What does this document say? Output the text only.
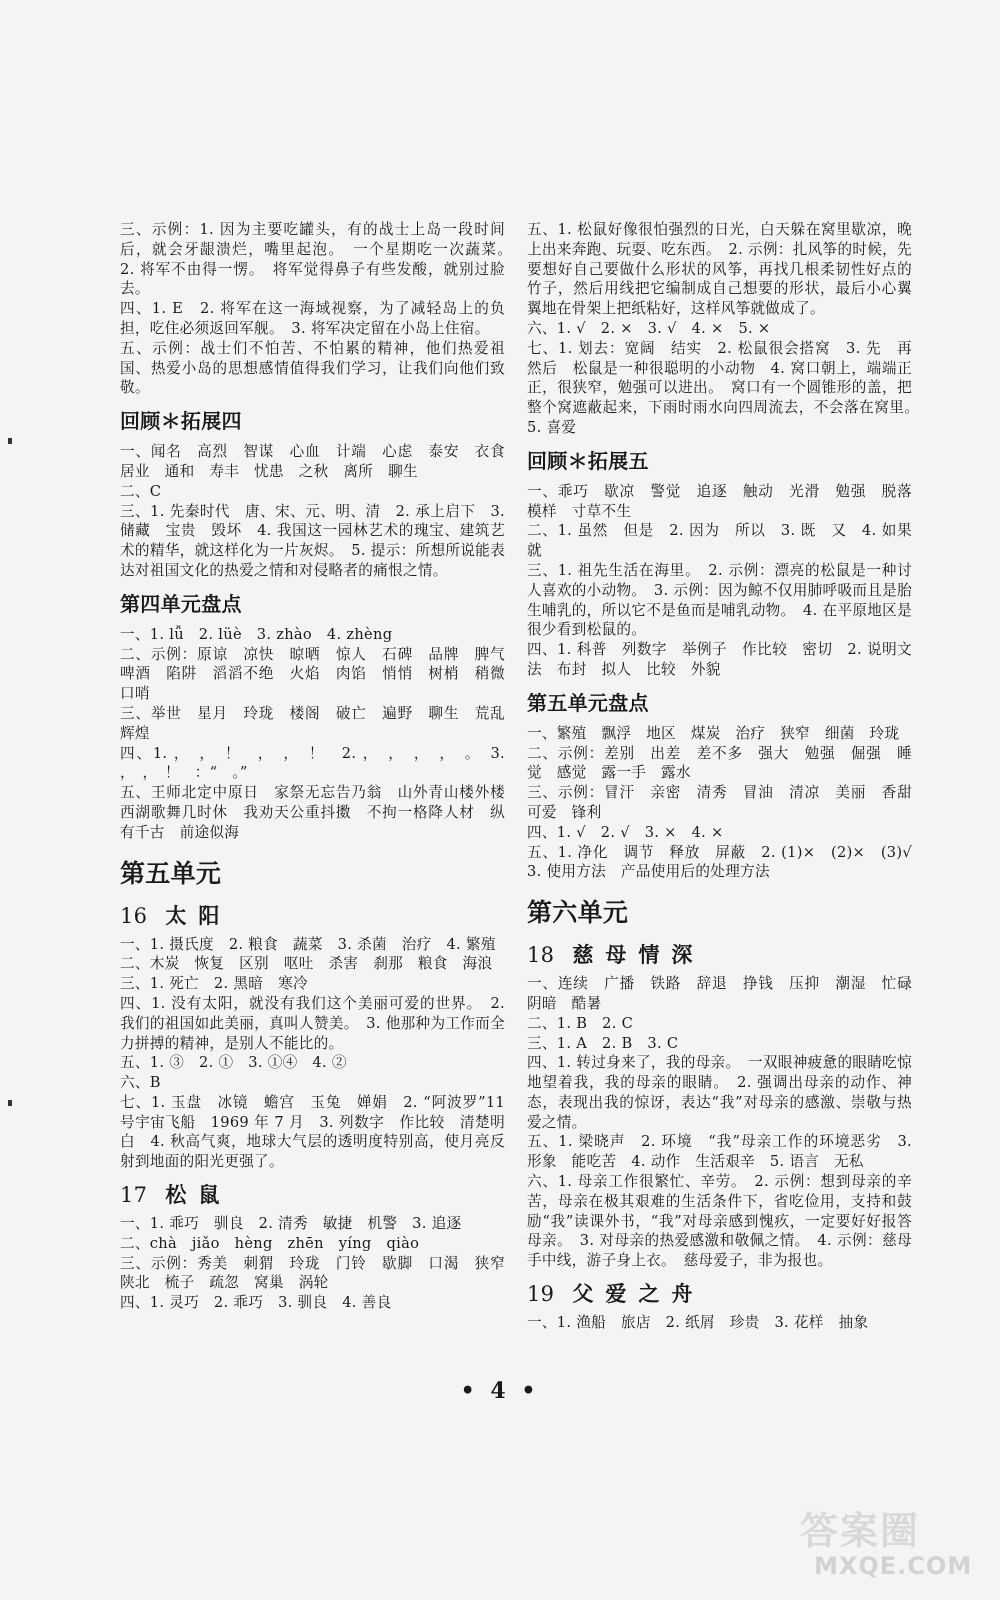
三、示例：1. 因为主要吃罐头，有的战士上岛一段时间后，就会牙龈溃烂，嘴里起泡。　一个星期吃一次蔬菜。　2. 将军不由得一愣。　将军觉得鼻子有些发酸，就别过脸去。

四、1. E　2. 将军在这一海域视察，为了减轻岛上的负担，吃住必须返回军舰。　3. 将军决定留在小岛上住宿。

五、示例：战士们不怕苦、不怕累的精神，他们热爱祖国、热爱小岛的思想感情值得我们学习，让我们向他们致敬。

回顾＊拓展四

一、闻名　高烈　智谋　心血　计端　心虑　泰安　衣食　居业　通和　寿丰　忧患　之秋　离所　聊生

二、C

三、1. 先秦时代　唐、宋、元、明、清　2. 承上启下　3. 储藏　宝贵　毁坏　4. 我国这一园林艺术的瑰宝、建筑艺术的精华，就这样化为一片灰烬。　5. 提示：所想所说能表达对祖国文化的热爱之情和对侵略者的痛恨之情。

第四单元盘点

一、1. lǚ　2. lüè　3. zhào　4. zhèng

二、示例：原谅　凉快　晾晒　惊人　石碑　品牌　脾气　啤酒　陷阱　滔滔不绝　火焰　肉馅　悄悄　树梢　稍微　口哨

三、举世　星月　玲珑　楼阁　破亡　遍野　聊生　荒乱　辉煌

四、1. ，　，　！　，　，　！　2. ，　，　，　，　。　3. ，　，　！　：“　。”

五、王师北定中原日　家祭无忘告乃翁　山外青山楼外楼　西湖歌舞几时休　我劝天公重抖擞　不拘一格降人材　纵有千古　前途似海

第五单元

16 太阳

一、1. 摄氏度　2. 粮食　蔬菜　3. 杀菌　治疗　4. 繁殖

二、木炭　恢复　区别　呕吐　杀害　刹那　粮食　海浪

三、1. 死亡　2. 黑暗　寒冷

四、1. 没有太阳，就没有我们这个美丽可爱的世界。　2. 我们的祖国如此美丽，真叫人赞美。　3. 他那种为工作而全力拼搏的精神，是别人不能比的。

五、1. ③　2. ①　3. ①④　4. ②

六、B

七、1. 玉盘　冰镜　蟾宫　玉兔　婵娟　2. “阿波罗”11 号宇宙飞船　1969 年 7 月　3. 列数字　作比较　清楚明白　4. 秋高气爽，地球大气层的透明度特别高，使月亮反射到地面的阳光更强了。

17 松鼠

一、1. 乖巧　驯良　2. 清秀　敏捷　机警　3. 追逐

二、chà　jiǎo　hèng　zhēn　yíng　qiào

三、示例：秀美　刺猬　玲珑　门铃　歇脚　口渴　狭窄　陕北　梳子　疏忽　窝巢　涡轮

四、1. 灵巧　2. 乖巧　3. 驯良　4. 善良

五、1. 松鼠好像很怕强烈的日光，白天躲在窝里歇凉，晚上出来奔跑、玩耍、吃东西。　2. 示例：扎风筝的时候，先要想好自己要做什么形状的风筝，再找几根柔韧性好点的竹子，然后用线把它编制成自己想要的形状，最后小心翼翼地在骨架上把纸粘好，这样风筝就做成了。

六、1. √　2. ×　3. √　4. ×　5. ×

七、1. 划去：宽阔　结实　2. 松鼠很会搭窝　3. 先　再　然后　松鼠是一种很聪明的小动物　4. 窝口朝上，端端正正，很狭窄，勉强可以进出。　窝口有一个圆锥形的盖，把整个窝遮蔽起来，下雨时雨水向四周流去，不会落在窝里。　5. 喜爱

回顾＊拓展五

一、乖巧　歇凉　警觉　追逐　触动　光滑　勉强　脱落　模样　寸草不生

二、1. 虽然　但是　2. 因为　所以　3. 既　又　4. 如果　就

三、1. 祖先生活在海里。　2. 示例：漂亮的松鼠是一种讨人喜欢的小动物。　3. 示例：因为鲸不仅用肺呼吸而且是胎生哺乳的，所以它不是鱼而是哺乳动物。　4. 在平原地区是很少看到松鼠的。

四、1. 科普　列数字　举例子　作比较　密切　2. 说明文　法　布封　拟人　比较　外貌

第五单元盘点

一、繁殖　飘浮　地区　煤炭　治疗　狭窄　细菌　玲珑

二、示例：差别　出差　差不多　强大　勉强　倔强　睡觉　感觉　露一手　露水

三、示例：冒汗　亲密　清秀　冒油　清凉　美丽　香甜　可爱　锋利

四、1. √　2. √　3. ×　4. ×

五、1. 净化　调节　释放　屏蔽　2. (1)×　(2)×　(3)√　3. 使用方法　产品使用后的处理方法

第六单元

18 慈母情深

一、连续　广播　铁路　辞退　挣钱　压抑　潮湿　忙碌　阴暗　酷暑

二、1. B　2. C

三、1. A　2. B　3. C

四、1. 转过身来了，我的母亲。　一双眼神疲惫的眼睛吃惊地望着我，我的母亲的眼睛。　2. 强调出母亲的动作、神态，表现出我的惊讶，表达“我”对母亲的感激、崇敬与热爱之情。

五、1. 梁晓声　2. 环境　“我”母亲工作的环境恶劣　3. 形象　能吃苦　4. 动作　生活艰辛　5. 语言　无私

六、1. 母亲工作很繁忙、辛劳。　2. 示例：想到母亲的辛苦，母亲在极其艰难的生活条件下，省吃俭用，支持和鼓励“我”读课外书，“我”对母亲感到愧疚，一定要好好报答母亲。　3. 对母亲的热爱感激和敬佩之情。　4. 示例：慈母手中线，游子身上衣。　慈母爱子，非为报也。

19 父爱之舟

一、1. 渔船　旅店　2. 纸屑　珍贵　3. 花样　抽象

• 4 •
答案圈
MXQE.COM
